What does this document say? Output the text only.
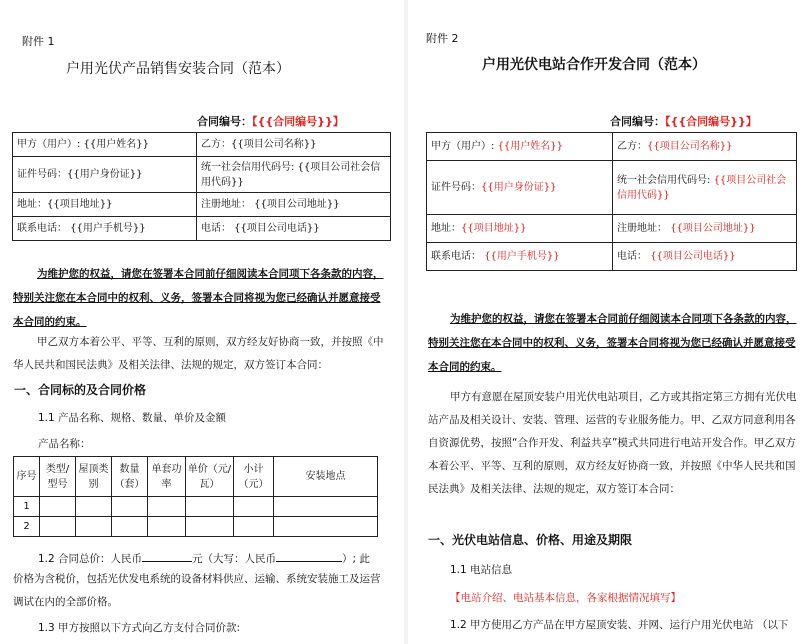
附件 1
户用光伏产品销售安装合同（范本）
合同编号：【{{合同编号}}】
甲方（用户）: {{用户姓名}}	乙方：{{项目公司名称}}
证件号码：{{用户身份证}}	统一社会信用代码号: {{项目公司社会信用代码}}
地址：{{项目地址}}	注册地址： {{项目公司地址}}
联系电话： {{用户手机号}}	电话： {{项目公司电话}}
为维护您的权益，请您在签署本合同前仔细阅读本合同项下各条款的内容，特别关注您在本合同中的权利、义务，签署本合同将视为您已经确认并愿意接受本合同的约束。
甲乙双方本着公平、平等、互利的原则，双方经友好协商一致，并按照《中华人民共和国民法典》及相关法律、法规的规定，双方签订本合同：
一、合同标的及合同价格
1.1 产品名称、规格、数量、单价及金额
产品名称：
序号	类型/型号	屋顶类别	数量（套）	单套功率	单价（元/瓦）	小计（元）	安装地点
1							
2							
1.2 合同总价：人民币	元（大写：人民币	）; 此
价格为含税价，包括光伏发电系统的设备材料供应、运输、系统安装施工及运营调试在内的全部价格。
1.3 甲方按照以下方式向乙方支付合同价款:
附件 2
户用光伏电站合作开发合同（范本）
合同编号：【{{合同编号}}】
甲方（用户）: {{用户姓名}}	乙方：{{项目公司名称}}
证件号码：{{用户身份证}}	统一社会信用代码号: {{项目公司社会信用代码}}
地址：{{项目地址}}	注册地址： {{项目公司地址}}
联系电话： {{用户手机号}}	电话： {{项目公司电话}}
为维护您的权益，请您在签署本合同前仔细阅读本合同项下各条款的内容，特别关注您在本合同中的权利、义务，签署本合同将视为您已经确认并愿意接受本合同的约束。
甲方有意愿在屋顶安装户用光伏电站项目，乙方或其指定第三方拥有光伏电站产品及相关设计、安装、管理、运营的专业服务能力。甲、乙双方同意利用各自资源优势，按照“合作开发、利益共享”模式共同进行电站开发合作。甲乙双方本着公平、平等、互利的原则，双方经友好协商一致，并按照《中华人民共和国民法典》及相关法律、法规的规定，双方签订本合同：
一、光伏电站信息、价格、用途及期限
1.1 电站信息
【电站介绍、电站基本信息，各家根据情况填写】
1.2 甲方使用乙方产品在甲方屋顶安装、并网、运行户用光伏电站 （以下
